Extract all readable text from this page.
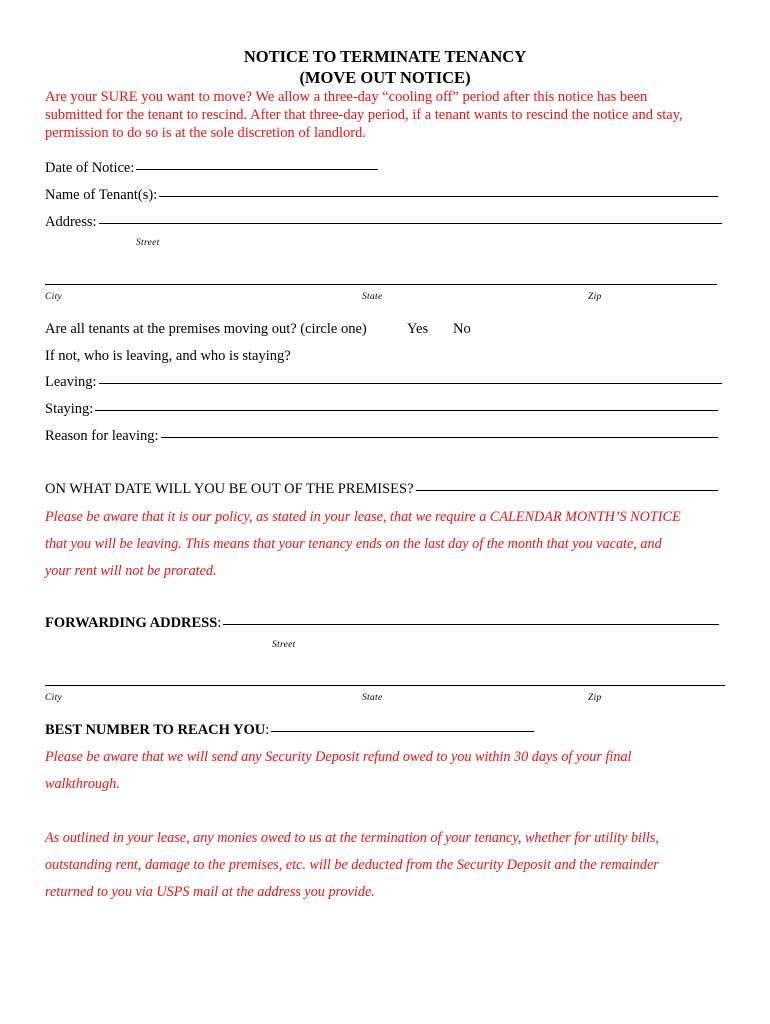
NOTICE TO TERMINATE TENANCY
(MOVE OUT NOTICE)
Are your SURE you want to move? We allow a three-day “cooling off” period after this notice has been
submitted for the tenant to rescind. After that three-day period, if a tenant wants to rescind the notice and stay,
permission to do so is at the sole discretion of landlord.
Date of Notice:
Name of Tenant(s):
Address:
Street
City	State	Zip
Are all tenants at the premises moving out? (circle one)	Yes No
If not, who is leaving, and who is staying?
Leaving:
Staying:
Reason for leaving:
ON WHAT DATE WILL YOU BE OUT OF THE PREMISES?
Please be aware that it is our policy, as stated in your lease, that we require a CALENDAR MONTH’S NOTICE
that you will be leaving. This means that your tenancy ends on the last day of the month that you vacate, and
your rent will not be prorated.
FORWARDING ADDRESS :
Street
City	State	Zip
BEST NUMBER TO REACH YOU :
Please be aware that we will send any Security Deposit refund owed to you within 30 days of your final
walkthrough.
As outlined in your lease, any monies owed to us at the termination of your tenancy, whether for utility bills,
outstanding rent, damage to the premises, etc. will be deducted from the Security Deposit and the remainder
returned to you via USPS mail at the address you provide.
